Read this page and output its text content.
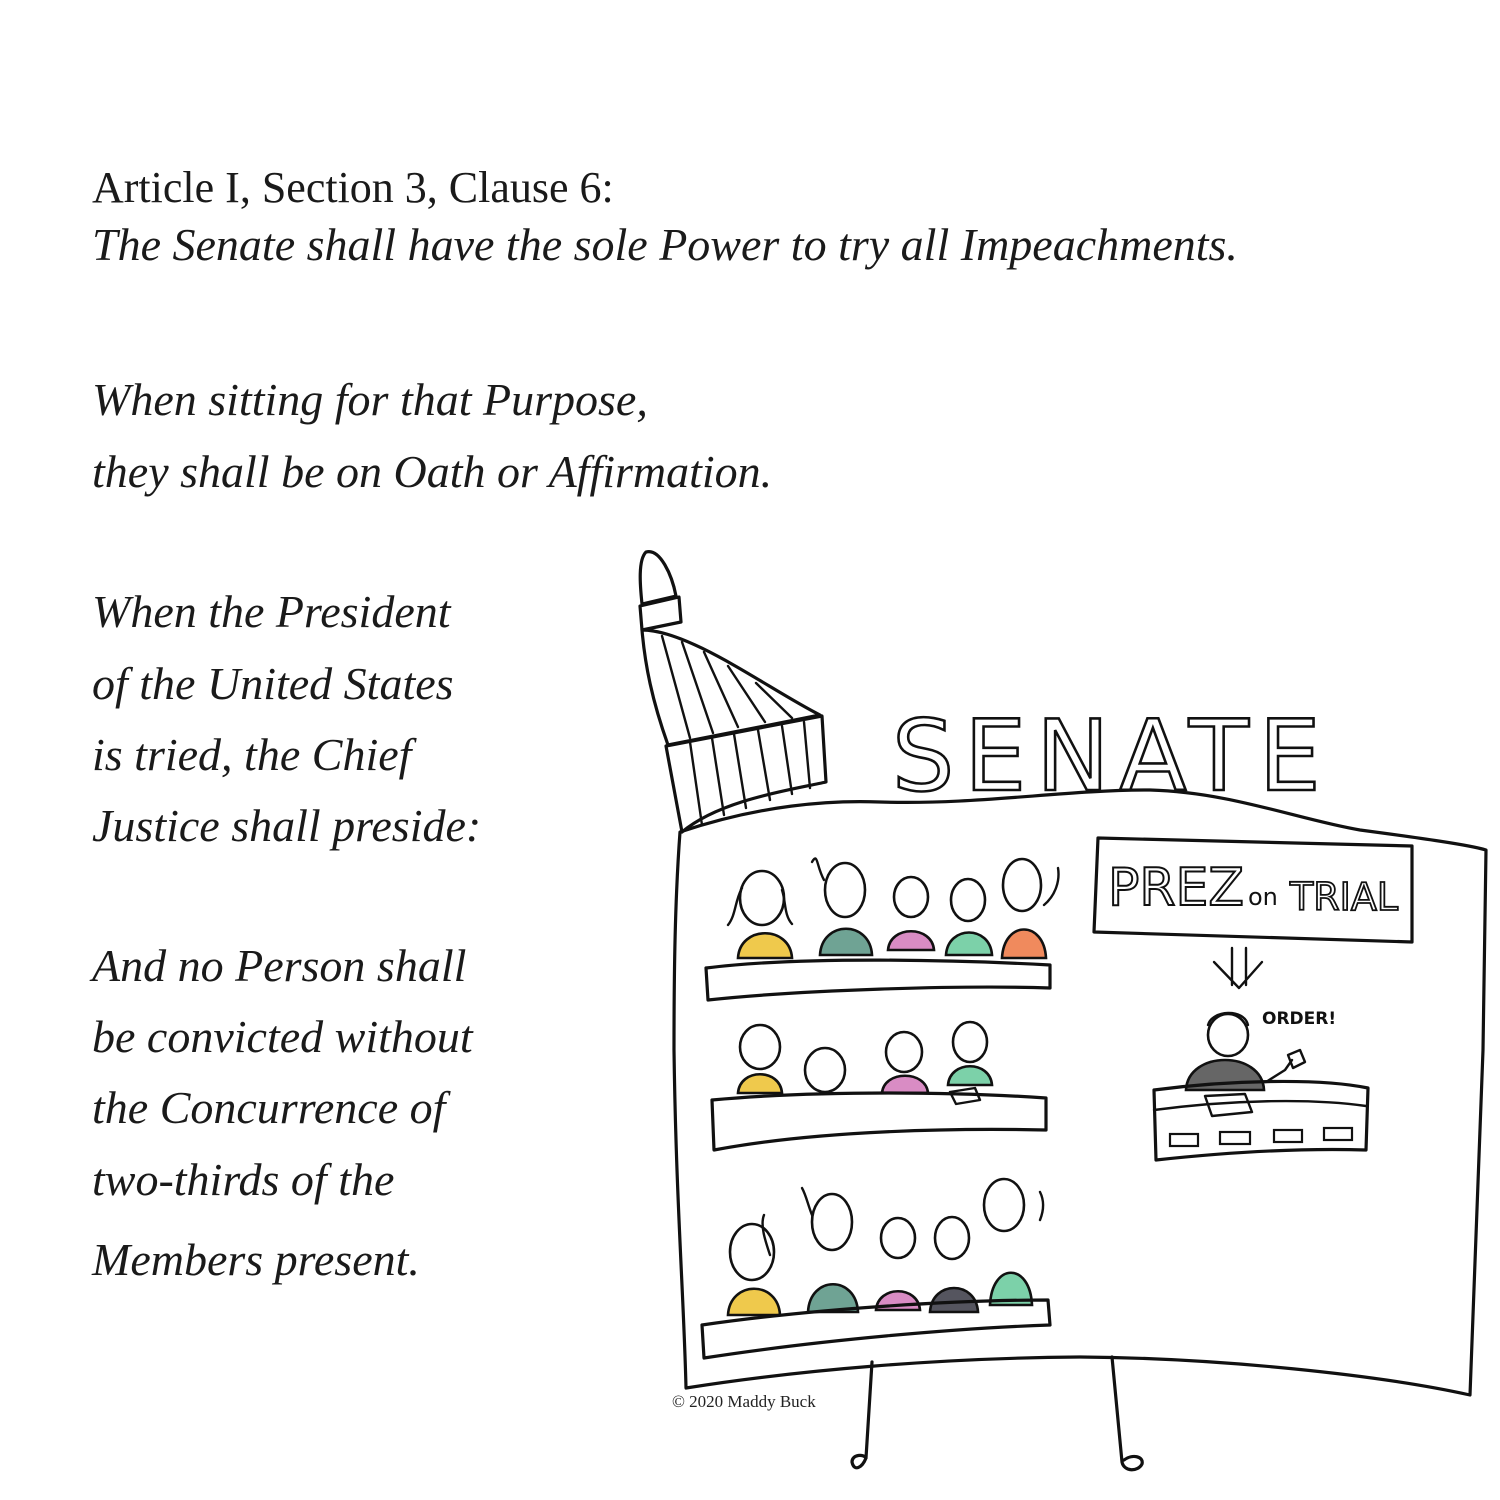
Article I, Section 3, Clause 6:
The Senate shall have the sole Power to try all Impeachments.
When sitting for that Purpose,
they shall be on Oath or Affirmation.
When the President
of the United States
is tried, the Chief
Justice shall preside:
And no Person shall
be convicted without
the Concurrence of
two-thirds of the
Members present.
SENATE
PREZ on TRIAL
ORDER!
© 2020 Maddy Buck
